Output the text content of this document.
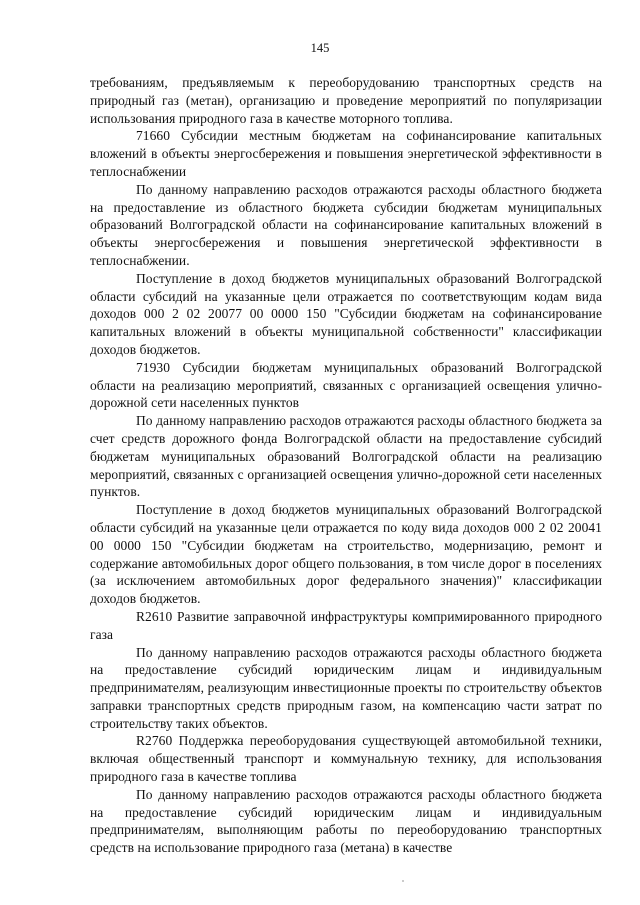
145

требованиям, предъявляемым к переоборудованию транспортных средств на природный газ (метан), организацию и проведение мероприятий по популяризации использования природного газа в качестве моторного топлива.

71660 Субсидии местным бюджетам на софинансирование капитальных вложений в объекты энергосбережения и повышения энергетической эффективности в теплоснабжении

По данному направлению расходов отражаются расходы областного бюджета на предоставление из областного бюджета субсидии бюджетам муниципальных образований Волгоградской области на софинансирование капитальных вложений в объекты энергосбережения и повышения энергетической эффективности в теплоснабжении.

Поступление в доход бюджетов муниципальных образований Волгоградской области субсидий на указанные цели отражается по соответствующим кодам вида доходов 000 2 02 20077 00 0000 150 "Субсидии бюджетам на софинансирование капитальных вложений в объекты муниципальной собственности" классификации доходов бюджетов.

71930 Субсидии бюджетам муниципальных образований Волгоградской области на реализацию мероприятий, связанных с организацией освещения улично-дорожной сети населенных пунктов

По данному направлению расходов отражаются расходы областного бюджета за счет средств дорожного фонда Волгоградской области на предоставление субсидий бюджетам муниципальных образований Волгоградской области на реализацию мероприятий, связанных с организацией освещения улично-дорожной сети населенных пунктов.

Поступление в доход бюджетов муниципальных образований Волгоградской области субсидий на указанные цели отражается по коду вида доходов 000 2 02 20041 00 0000 150 "Субсидии бюджетам на строительство, модернизацию, ремонт и содержание автомобильных дорог общего пользования, в том числе дорог в поселениях (за исключением автомобильных дорог федерального значения)" классификации доходов бюджетов.

R2610 Развитие заправочной инфраструктуры компримированного природного газа

По данному направлению расходов отражаются расходы областного бюджета на предоставление субсидий юридическим лицам и индивидуальным предпринимателям, реализующим инвестиционные проекты по строительству объектов заправки транспортных средств природным газом, на компенсацию части затрат по строительству таких объектов.

R2760 Поддержка переоборудования существующей автомобильной техники, включая общественный транспорт и коммунальную технику, для использования природного газа в качестве топлива

По данному направлению расходов отражаются расходы областного бюджета на предоставление субсидий юридическим лицам и индивидуальным предпринимателям, выполняющим работы по переоборудованию транспортных средств на использование природного газа (метана) в качестве
